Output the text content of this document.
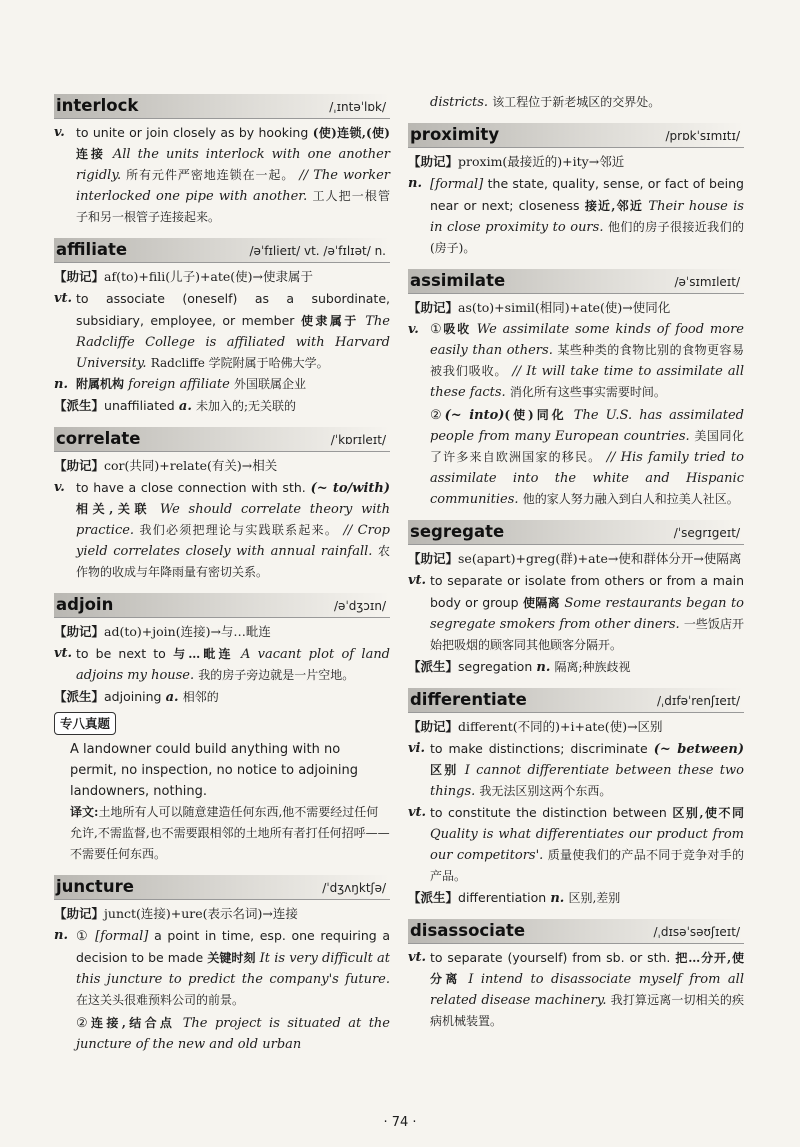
interlock	/ˌɪntəˈlɒk/
v. to unite or join closely as by hooking (使)连锁,(使)连接 All the units interlock with one another rigidly. 所有元件严密地连锁在一起。 // The worker interlocked one pipe with another. 工人把一根管子和另一根管子连接起来。
affiliate	/əˈfɪlieɪt/ vt. /əˈfɪlɪət/ n.
【助记】af(to)+fili(儿子)+ate(使)→使隶属于
vt. to associate (oneself) as a subordinate, subsidiary, employee, or member 使隶属于 The Radcliffe College is affiliated with Harvard University. Radcliffe 学院附属于哈佛大学。
n. 附属机构 foreign affiliate 外国联属企业
【派生】unaffiliated a. 未加入的;无关联的
correlate	/ˈkɒrɪleɪt/
【助记】cor(共同)+relate(有关)→相关
v. to have a close connection with sth. (~ to/with) 相关,关联 We should correlate theory with practice. 我们必须把理论与实践联系起来。 // Crop yield correlates closely with annual rainfall. 农作物的收成与年降雨量有密切关系。
adjoin	/əˈdʒɔɪn/
【助记】ad(to)+join(连接)→与…毗连
vt. to be next to 与…毗连 A vacant plot of land adjoins my house. 我的房子旁边就是一片空地。
【派生】adjoining a. 相邻的
专八真题
A landowner could build anything with no permit, no inspection, no notice to adjoining landowners, nothing.
译文:土地所有人可以随意建造任何东西,他不需要经过任何允许,不需监督,也不需要跟相邻的土地所有者打任何招呼——不需要任何东西。
juncture	/ˈdʒʌŋktʃə/
【助记】junct(连接)+ure(表示名词)→连接
n. ① [formal] a point in time, esp. one requiring a decision to be made 关键时刻 It is very difficult at this juncture to predict the company's future. 在这关头很难预料公司的前景。
②连接,结合点 The project is situated at the juncture of the new and old urban
districts. 该工程位于新老城区的交界处。
proximity	/prɒkˈsɪmɪtɪ/
【助记】proxim(最接近的)+ity→邻近
n. [formal] the state, quality, sense, or fact of being near or next; closeness 接近,邻近 Their house is in close proximity to ours. 他们的房子很接近我们的(房子)。
assimilate	/əˈsɪmɪleɪt/
【助记】as(to)+simil(相同)+ate(使)→使同化
v. ①吸收 We assimilate some kinds of food more easily than others. 某些种类的食物比别的食物更容易被我们吸收。 // It will take time to assimilate all these facts. 消化所有这些事实需要时间。
②(~ into)(使)同化 The U.S. has assimilated people from many European countries. 美国同化了许多来自欧洲国家的移民。 // His family tried to assimilate into the white and Hispanic communities. 他的家人努力融入到白人和拉美人社区。
segregate	/ˈsegrɪgeɪt/
【助记】se(apart)+greg(群)+ate→使和群体分开→使隔离
vt. to separate or isolate from others or from a main body or group 使隔离 Some restaurants began to segregate smokers from other diners. 一些饭店开始把吸烟的顾客同其他顾客分隔开。
【派生】segregation n. 隔离;种族歧视
differentiate	/ˌdɪfəˈrenʃɪeɪt/
【助记】different(不同的)+i+ate(使)→区别
vi. to make distinctions; discriminate (~ between) 区别 I cannot differentiate between these two things. 我无法区别这两个东西。
vt. to constitute the distinction between 区别,使不同 Quality is what differentiates our product from our competitors'. 质量使我们的产品不同于竞争对手的产品。
【派生】differentiation n. 区别,差别
disassociate	/ˌdɪsəˈsəʊʃɪeɪt/
vt. to separate (yourself) from sb. or sth. 把…分开,使分离 I intend to disassociate myself from all related disease machinery. 我打算远离一切相关的疾病机械装置。
· 74 ·
